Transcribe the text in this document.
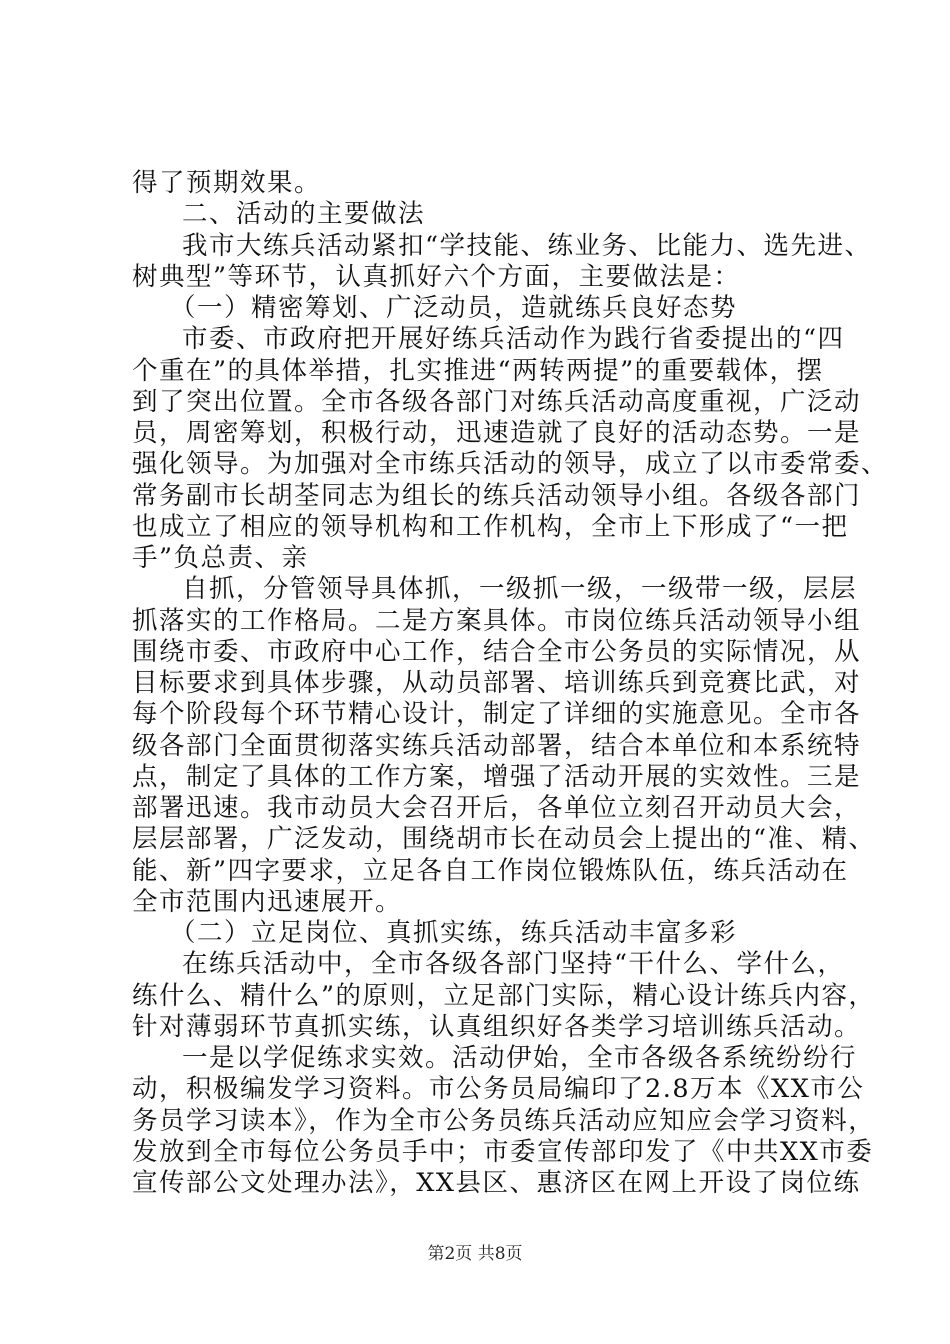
得了预期效果。
二、活动的主要做法
我市大练兵活动紧扣“学技能、练业务、比能力、选先进、
树典型”等环节，认真抓好六个方面，主要做法是：
（一）精密筹划、广泛动员，造就练兵良好态势
市委、市政府把开展好练兵活动作为践行省委提出的“四
个重在”的具体举措，扎实推进“两转两提”的重要载体，摆
到了突出位置。全市各级各部门对练兵活动高度重视，广泛动
员，周密筹划，积极行动，迅速造就了良好的活动态势。一是
强化领导。为加强对全市练兵活动的领导，成立了以市委常委、
常务副市长胡荃同志为组长的练兵活动领导小组。各级各部门
也成立了相应的领导机构和工作机构，全市上下形成了“一把
手”负总责、亲
自抓，分管领导具体抓，一级抓一级，一级带一级，层层
抓落实的工作格局。二是方案具体。市岗位练兵活动领导小组
围绕市委、市政府中心工作，结合全市公务员的实际情况，从
目标要求到具体步骤，从动员部署、培训练兵到竞赛比武，对
每个阶段每个环节精心设计，制定了详细的实施意见。全市各
级各部门全面贯彻落实练兵活动部署，结合本单位和本系统特
点，制定了具体的工作方案，增强了活动开展的实效性。三是
部署迅速。我市动员大会召开后，各单位立刻召开动员大会，
层层部署，广泛发动，围绕胡市长在动员会上提出的“准、精、
能、新”四字要求，立足各自工作岗位锻炼队伍，练兵活动在
全市范围内迅速展开。
（二）立足岗位、真抓实练，练兵活动丰富多彩
在练兵活动中，全市各级各部门坚持“干什么、学什么，
练什么、精什么”的原则，立足部门实际，精心设计练兵内容，
针对薄弱环节真抓实练，认真组织好各类学习培训练兵活动。
一是以学促练求实效。活动伊始，全市各级各系统纷纷行
动，积极编发学习资料。市公务员局编印了2.8万本《XX市公
务员学习读本》，作为全市公务员练兵活动应知应会学习资料，
发放到全市每位公务员手中；市委宣传部印发了《中共XX市委
宣传部公文处理办法》，XX县区、惠济区在网上开设了岗位练
第2页 共8页
